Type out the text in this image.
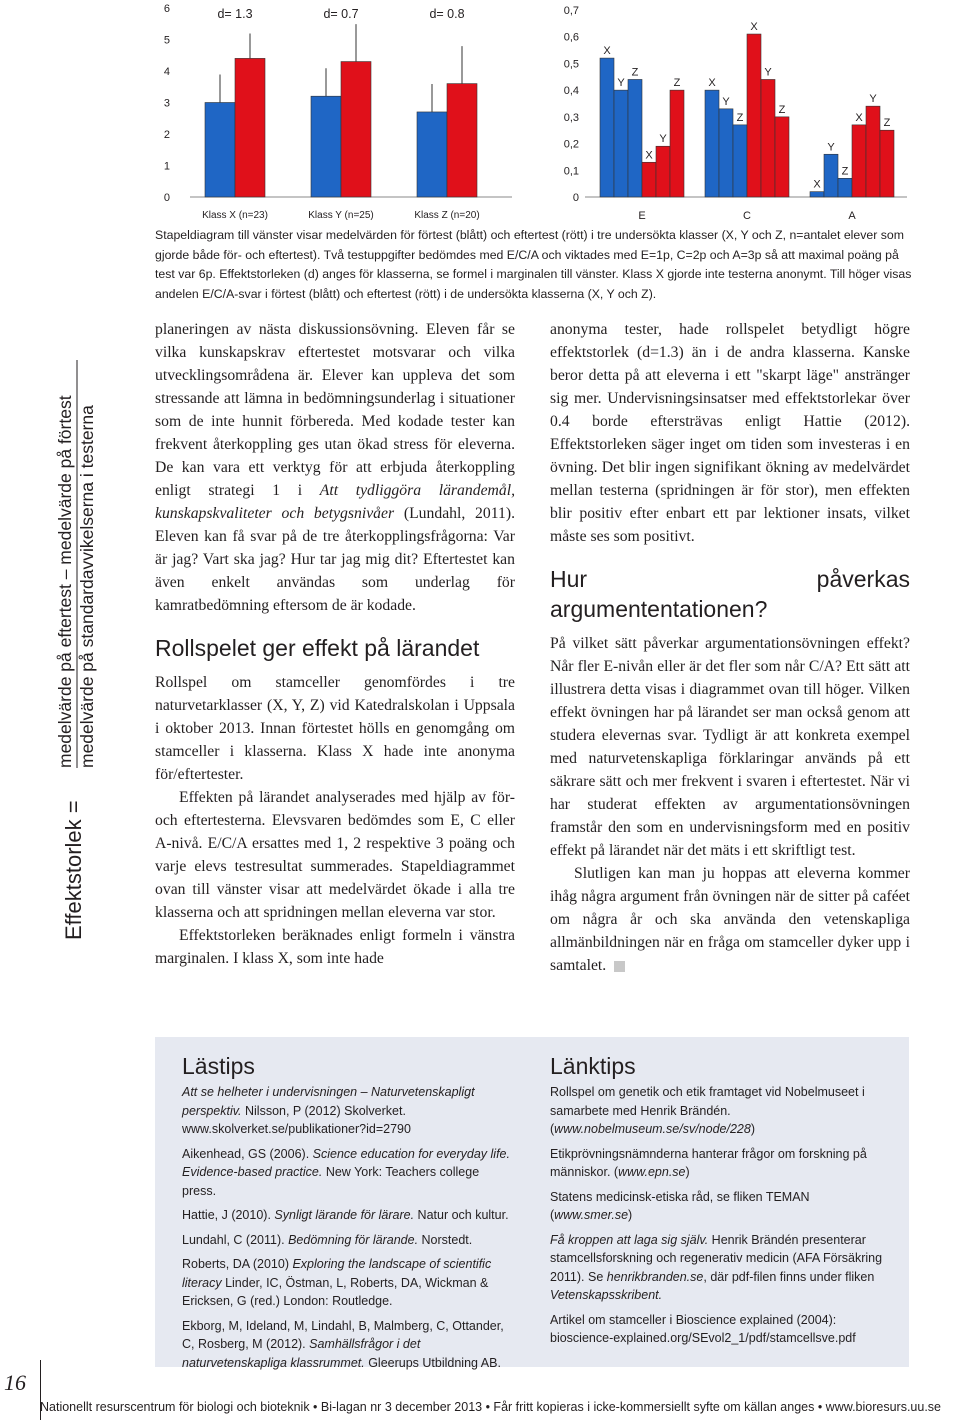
0
1
2
3
4
5
6
Klass X (n=23)
d= 1.3
Klass Y (n=25)
d= 0.7
Klass Z (n=20)
d= 0.8
0
0,1
0,2
0,3
0,4
0,5
0,6
0,7
X
Y
Z
X
Y
Z
E
X
Y
Z
X
Y
Z
C
X
Y
Z
X
Y
Z
A
Stapeldiagram till vänster visar medelvärden för förtest (blått) och eftertest (rött) i tre undersökta klasser (X, Y och Z, n=antalet elever som gjorde både för- och eftertest). Två testuppgifter bedömdes med E/C/A och viktades med E=1p, C=2p och A=3p så att maximal poäng på test var 6p. Effektstorleken (d) anges för klasserna, se formel i marginalen till vänster. Klass X gjorde inte testerna anonymt. Till höger visas andelen E/C/A-svar i förtest (blått) och eftertest (rött) i de undersökta klasserna (X, Y och Z).
Effektstorlek =
medelvärde på eftertest – medelvärde på förtest medelvärde på standardavvikelserna i testerna

planeringen av nästa diskussionsövning. Eleven får se vilka kunskapskrav eftertestet motsvarar och vilka utvecklingsområdena är. Elever kan uppleva det som stressande att lämna in bedömningsunderlag i situationer som de inte hunnit förbereda. Med kodade tester kan frekvent återkoppling ges utan ökad stress för eleverna. De kan vara ett verktyg för att erbjuda återkoppling enligt strategi 1 i Att tydliggöra lärandemål, kunskapskvaliteter och betygsnivåer (Lundahl, 2011). Eleven kan få svar på de tre återkopplingsfrågorna: Var är jag? Vart ska jag? Hur tar jag mig dit? Eftertestet kan även enkelt användas som underlag för kamratbedömning eftersom de är kodade.

Rollspelet ger effekt på lärandet

Rollspel om stamceller genomfördes i tre naturvetarklasser (X, Y, Z) vid Katedralskolan i Uppsala i oktober 2013. Innan förtestet hölls en genomgång om stamceller i klasserna. Klass X hade inte anonyma för/eftertester.

Effekten på lärandet analyserades med hjälp av för- och eftertesterna. Elevsvaren bedömdes som E, C eller A-nivå. E/C/A ersattes med 1, 2 respektive 3 poäng och varje elevs testresultat summerades. Stapeldiagrammet ovan till vänster visar att medelvärdet ökade i alla tre klasserna och att spridningen mellan eleverna var stor.

Effektstorleken beräknades enligt formeln i vänstra marginalen. I klass X, som inte hade

anonyma tester, hade rollspelet betydligt högre effektstorlek (d=1.3) än i de andra klasserna. Kanske beror detta på att eleverna i ett "skarpt läge" anstränger sig mer. Undervisningsinsatser med effektstorlekar över 0.4 borde eftersträvas enligt Hattie (2012). Effektstorleken säger inget om tiden som investeras i en övning. Det blir ingen signifikant ökning av medelvärdet mellan testerna (spridningen är för stor), men effekten blir positiv efter enbart ett par lektioner insats, vilket måste ses som positivt.

Hur påverkas argumententationen?

På vilket sätt påverkar argumentationsövningen effekt? Når fler E-nivån eller är det fler som når C/A? Ett sätt att illustrera detta visas i diagrammet ovan till höger. Vilken effekt övningen har på lärandet ser man också genom att studera elevernas svar. Tydligt är att konkreta exempel med naturvetenskapliga förklaringar används på ett säkrare sätt och mer frekvent i svaren i eftertestet. När vi har studerat effekten av argumentationsövningen framstår den som en undervisningsform med en positiv effekt på lärandet när det mäts i ett skriftligt test.

Slutligen kan man ju hoppas att eleverna kommer ihåg några argument från övningen när de sitter på caféet om några år och ska använda den vetenskapliga allmänbildningen när en fråga om stamceller dyker upp i samtalet.

Lästips

Att se helheter i undervisningen – Naturvetenskapligt perspektiv. Nilsson, P (2012) Skolverket. www.skolverket.se/publikationer?id=2790

Aikenhead, GS (2006). Science education for everyday life. Evidence-based practice. New York: Teachers college press.

Hattie, J (2010). Synligt lärande för lärare. Natur och kultur.

Lundahl, C (2011). Bedömning för lärande. Norstedt.

Roberts, DA (2010) Exploring the landscape of scientific literacy Linder, IC, Östman, L, Roberts, DA, Wickman & Ericksen, G (red.) London: Routledge.

Ekborg, M, Ideland, M, Lindahl, B, Malmberg, C, Ottander, C, Rosberg, M (2012). Samhällsfrågor i det naturvetenskapliga klassrummet. Gleerups Utbildning AB.

Länktips

Rollspel om genetik och etik framtaget vid Nobelmuseet i samarbete med Henrik Brändén. (www.nobelmuseum.se/sv/node/228)

Etikprövningsnämnderna hanterar frågor om forskning på människor. (www.epn.se)

Statens medicinsk-etiska råd, se fliken TEMAN (www.smer.se)

Få kroppen att laga sig själv. Henrik Brändén presenterar stamcellsforskning och regenerativ medicin (AFA Försäkring 2011). Se henrikbranden.se, där pdf-filen finns under fliken Vetenskapsskribent.

Artikel om stamceller i Bioscience explained (2004): bioscience-explained.org/SEvol2_1/pdf/stamcellsve.pdf

16
Nationellt resurscentrum för biologi och bioteknik • Bi-lagan nr 3 december 2013 • Får fritt kopieras i icke-kommersiellt syfte om källan anges • www.bioresurs.uu.se
